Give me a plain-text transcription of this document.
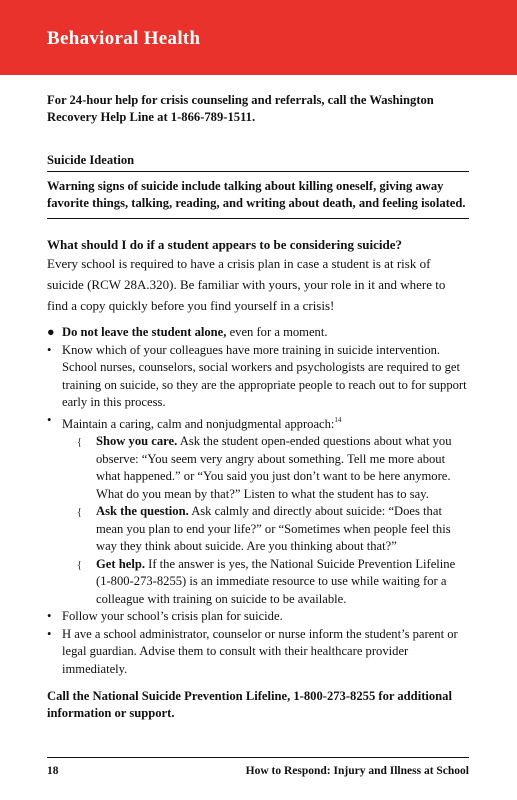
Behavioral Health

For 24-hour help for crisis counseling and referrals, call the Washington Recovery Help Line at 1-866-789-1511.

Suicide Ideation

Warning signs of suicide include talking about killing oneself, giving away favorite things, talking, reading, and writing about death, and feeling isolated.

What should I do if a student appears to be considering suicide?

Every school is required to have a crisis plan in case a student is at risk of suicide (RCW 28A.320). Be familiar with yours, your role in it and where to find a copy quickly before you find yourself in a crisis!

● Do not leave the student alone, even for a moment.
• Know which of your colleagues have more training in suicide intervention. School nurses, counselors, social workers and psychologists are required to get training on suicide, so they are the appropriate people to reach out to for support early in this process.
• Maintain a caring, calm and nonjudgmental approach:$^{14}$
{ Show you care. Ask the student open-ended questions about what you observe: “You seem very angry about something. Tell me more about what happened.” or “You said you just don’t want to be here anymore. What do you mean by that?” Listen to what the student has to say.
{ Ask the question. Ask calmly and directly about suicide: “Does that mean you plan to end your life?” or “Sometimes when people feel this way they think about suicide. Are you thinking about that?”
{ Get help. If the answer is yes, the National Suicide Prevention Lifeline (1-800-273-8255) is an immediate resource to use while waiting for a colleague with training on suicide to be available.
• Follow your school’s crisis plan for suicide.
• H ave a school administrator, counselor or nurse inform the student’s parent or legal guardian. Advise them to consult with their healthcare provider immediately.

Call the National Suicide Prevention Lifeline, 1-800-273-8255 for additional information or support.

18	How to Respond: Injury and Illness at School
